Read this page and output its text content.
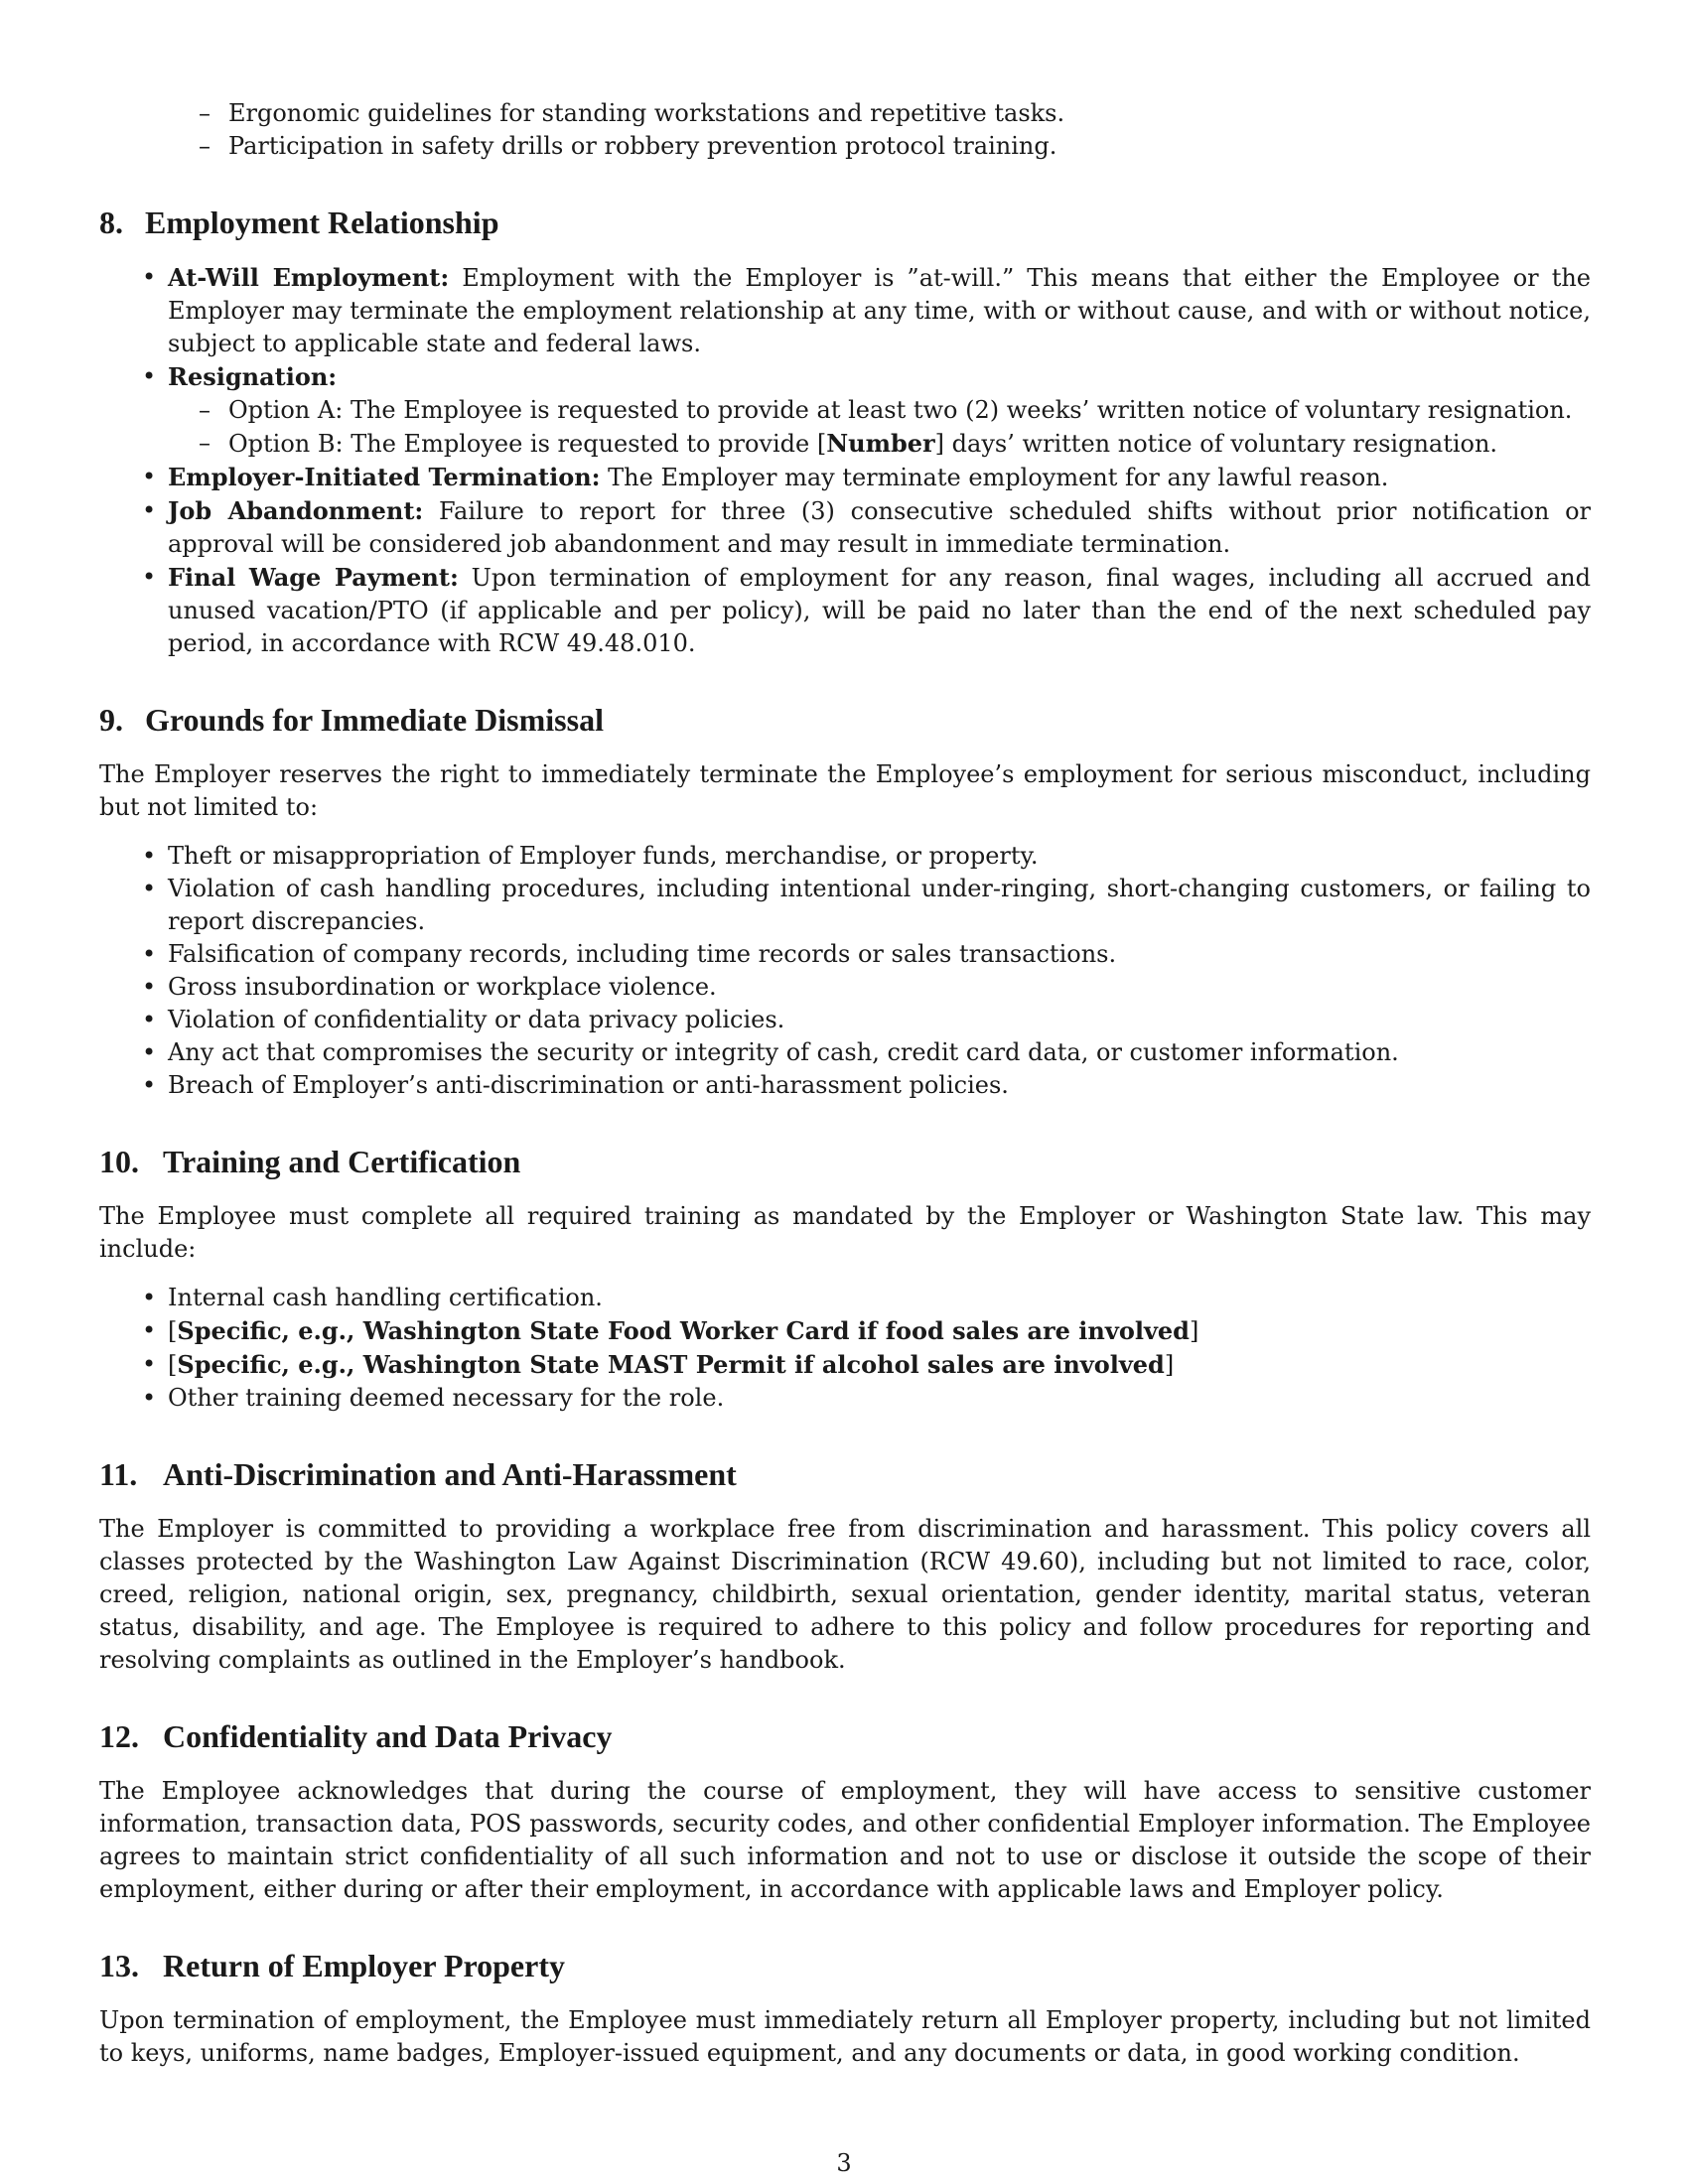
– Ergonomic guidelines for standing workstations and repetitive tasks.
– Participation in safety drills or robbery prevention protocol training.
8. Employment Relationship
• At-Will Employment: Employment with the Employer is ”at-will.” This means that either the Employee or the Employer may terminate the employment relationship at any time, with or without cause, and with or without notice, subject to applicable state and federal laws.
• Resignation:
– Option A: The Employee is requested to provide at least two (2) weeks’ written notice of voluntary resignation.
– Option B: The Employee is requested to provide [Number] days’ written notice of voluntary resignation.
• Employer-Initiated Termination: The Employer may terminate employment for any lawful reason.
• Job Abandonment: Failure to report for three (3) consecutive scheduled shifts without prior notification or approval will be considered job abandonment and may result in immediate termination.
• Final Wage Payment: Upon termination of employment for any reason, final wages, including all accrued and unused vacation/PTO (if applicable and per policy), will be paid no later than the end of the next scheduled pay period, in accordance with RCW 49.48.010.
9. Grounds for Immediate Dismissal

The Employer reserves the right to immediately terminate the Employee’s employment for serious misconduct, including but not limited to:

• Theft or misappropriation of Employer funds, merchandise, or property.
• Violation of cash handling procedures, including intentional under-ringing, short-changing customers, or failing to report discrepancies.
• Falsification of company records, including time records or sales transactions.
• Gross insubordination or workplace violence.
• Violation of confidentiality or data privacy policies.
• Any act that compromises the security or integrity of cash, credit card data, or customer information.
• Breach of Employer’s anti-discrimination or anti-harassment policies.
10. Training and Certification

The Employee must complete all required training as mandated by the Employer or Washington State law. This may include:

• Internal cash handling certification.
• [Specific, e.g., Washington State Food Worker Card if food sales are involved]
• [Specific, e.g., Washington State MAST Permit if alcohol sales are involved]
• Other training deemed necessary for the role.
11. Anti-Discrimination and Anti-Harassment

The Employer is committed to providing a workplace free from discrimination and harassment. This policy covers all classes protected by the Washington Law Against Discrimination (RCW 49.60), including but not limited to race, color, creed, religion, national origin, sex, pregnancy, childbirth, sexual orientation, gender identity, marital status, veteran status, disability, and age. The Employee is required to adhere to this policy and follow procedures for reporting and resolving complaints as outlined in the Employer’s handbook.

12. Confidentiality and Data Privacy

The Employee acknowledges that during the course of employment, they will have access to sensitive customer information, transaction data, POS passwords, security codes, and other confidential Employer information. The Employee agrees to maintain strict confidentiality of all such information and not to use or disclose it outside the scope of their employment, either during or after their employment, in accordance with applicable laws and Employer policy.

13. Return of Employer Property

Upon termination of employment, the Employee must immediately return all Employer property, including but not limited to keys, uniforms, name badges, Employer-issued equipment, and any documents or data, in good working condition.

3
